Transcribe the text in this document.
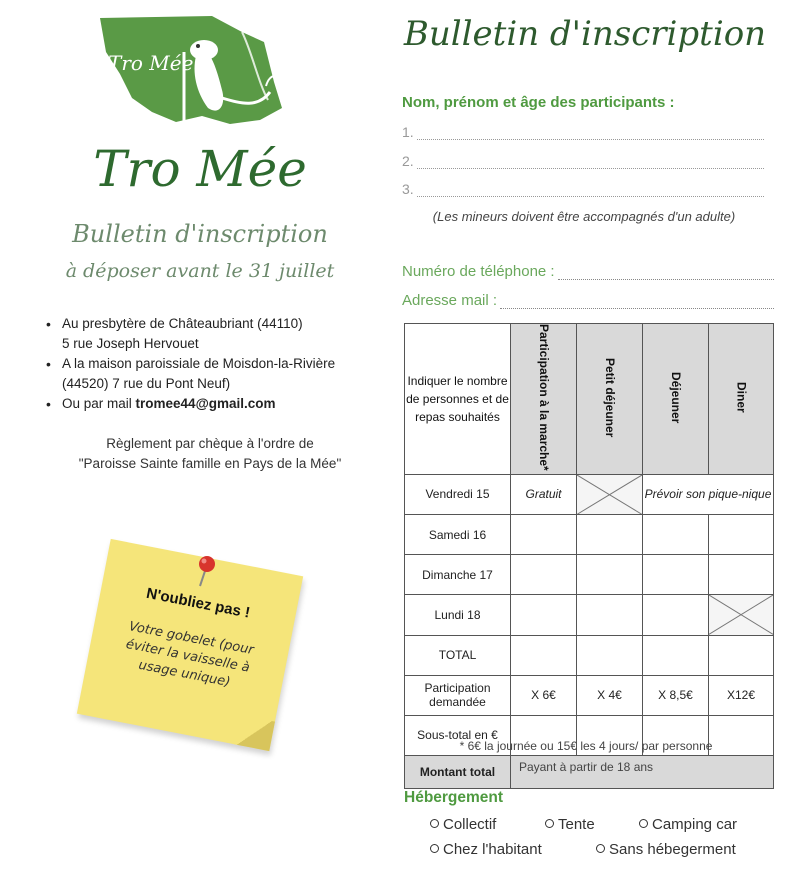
Tro Mée
Tro Mée
Bulletin d'inscription
à déposer avant le 31 juillet
• Au presbytère de Châteaubriant (44110)
5 rue Joseph Hervouet
• A la maison paroissiale de Moisdon-la-Rivière
(44520) 7 rue du Pont Neuf)
• Ou par mail tromee44@gmail.com
Règlement par chèque à l'ordre de
"Paroisse Sainte famille en Pays de la Mée"
N'oubliez pas !
Votre gobelet (pour éviter la vaisselle à usage unique)
Bulletin d'inscription
Nom, prénom et âge des participants :
1.
2.
3.
(Les mineurs doivent être accompagnés d'un adulte)
Numéro de téléphone :
Adresse mail :
Indiquer le nombre de personnes et de repas souhaités	Participation à la marche*	Petit déjeuner	Déjeuner	Diner
Vendredi 15	Gratuit		Prévoir son pique-nique	
Samedi 16				
Dimanche 17				
Lundi 18				

TOTAL				
Participation demandée	X 6€	X 4€	X 8,5€	X12€
Sous-total en €				
Montant total				
* 6€ la journée ou 15€ les 4 jours/ par personne
Payant à partir de 18 ans
Hébergement
Collectif	Tente	Camping car
Chez l'habitant	Sans hébegerment
